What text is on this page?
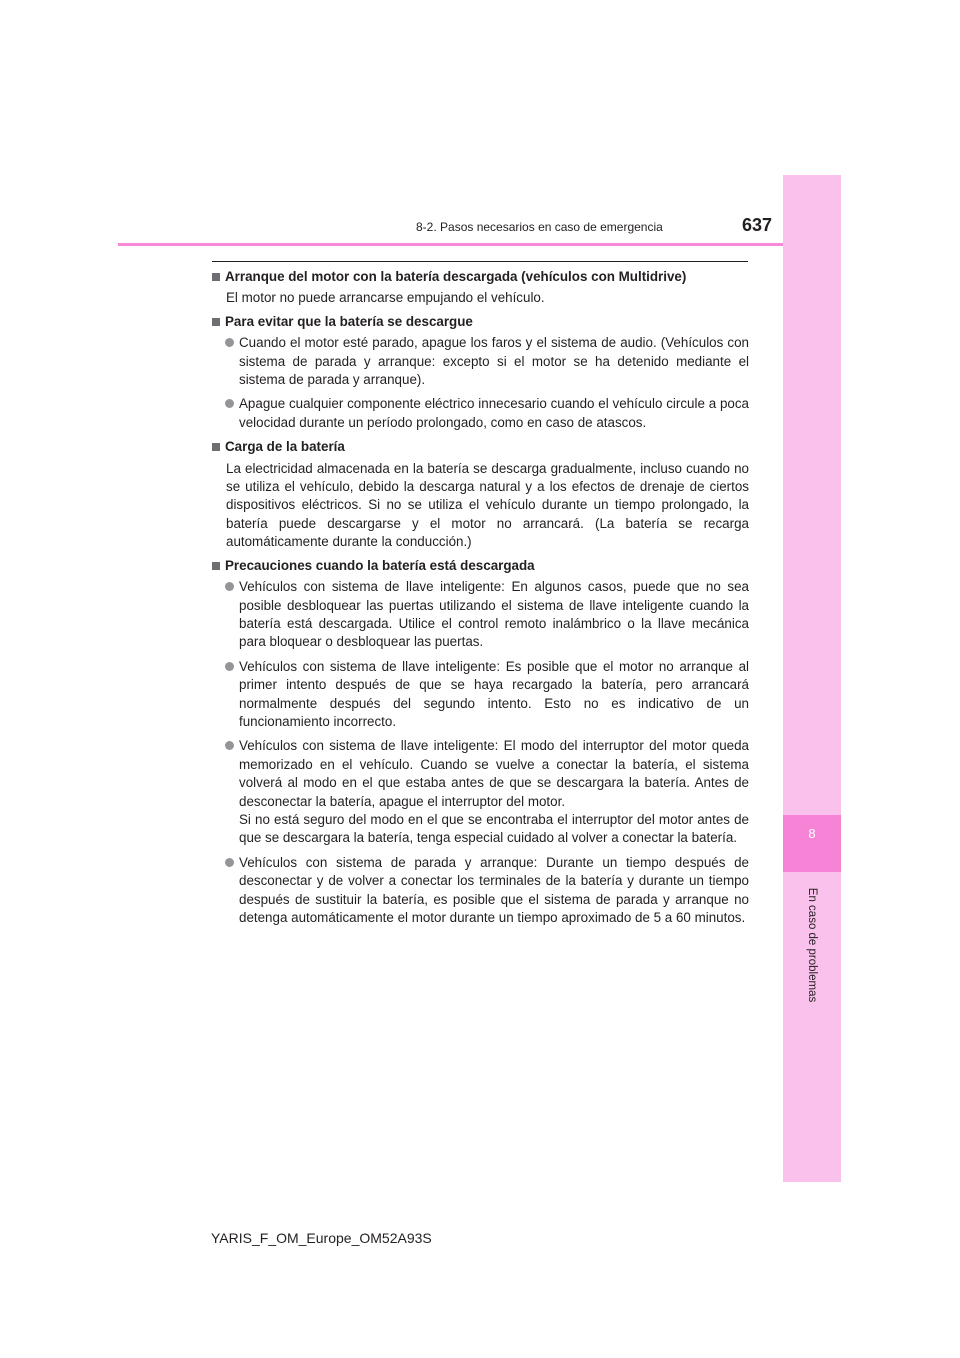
8
En caso de problemas
8-2. Pasos necesarios en caso de emergencia	637
Arranque del motor con la batería descargada (vehículos con Multidrive)
El motor no puede arrancarse empujando el vehículo.
Para evitar que la batería se descargue
Cuando el motor esté parado, apague los faros y el sistema de audio. (Vehículos con sistema de parada y arranque: excepto si el motor se ha detenido mediante el sistema de parada y arranque).
Apague cualquier componente eléctrico innecesario cuando el vehículo circule a poca velocidad durante un período prolongado, como en caso de atascos.
Carga de la batería
La electricidad almacenada en la batería se descarga gradualmente, incluso cuando no se utiliza el vehículo, debido la descarga natural y a los efectos de drenaje de ciertos dispositivos eléctricos. Si no se utiliza el vehículo durante un tiempo prolongado, la batería puede descargarse y el motor no arrancará. (La batería se recarga automáticamente durante la conducción.)
Precauciones cuando la batería está descargada
Vehículos con sistema de llave inteligente: En algunos casos, puede que no sea posible desbloquear las puertas utilizando el sistema de llave inteligente cuando la batería está descargada. Utilice el control remoto inalámbrico o la llave mecánica para bloquear o desbloquear las puertas.
Vehículos con sistema de llave inteligente: Es posible que el motor no arranque al primer intento después de que se haya recargado la batería, pero arrancará normalmente después del segundo intento. Esto no es indicativo de un funcionamiento incorrecto.
Vehículos con sistema de llave inteligente: El modo del interruptor del motor queda memorizado en el vehículo. Cuando se vuelve a conectar la batería, el sistema volverá al modo en el que estaba antes de que se descargara la batería. Antes de desconectar la batería, apague el interruptor del motor.
Si no está seguro del modo en el que se encontraba el interruptor del motor antes de que se descargara la batería, tenga especial cuidado al volver a conectar la batería.
Vehículos con sistema de parada y arranque: Durante un tiempo después de desconectar y de volver a conectar los terminales de la batería y durante un tiempo después de sustituir la batería, es posible que el sistema de parada y arranque no detenga automáticamente el motor durante un tiempo aproximado de 5 a 60 minutos.
YARIS_F_OM_Europe_OM52A93S
